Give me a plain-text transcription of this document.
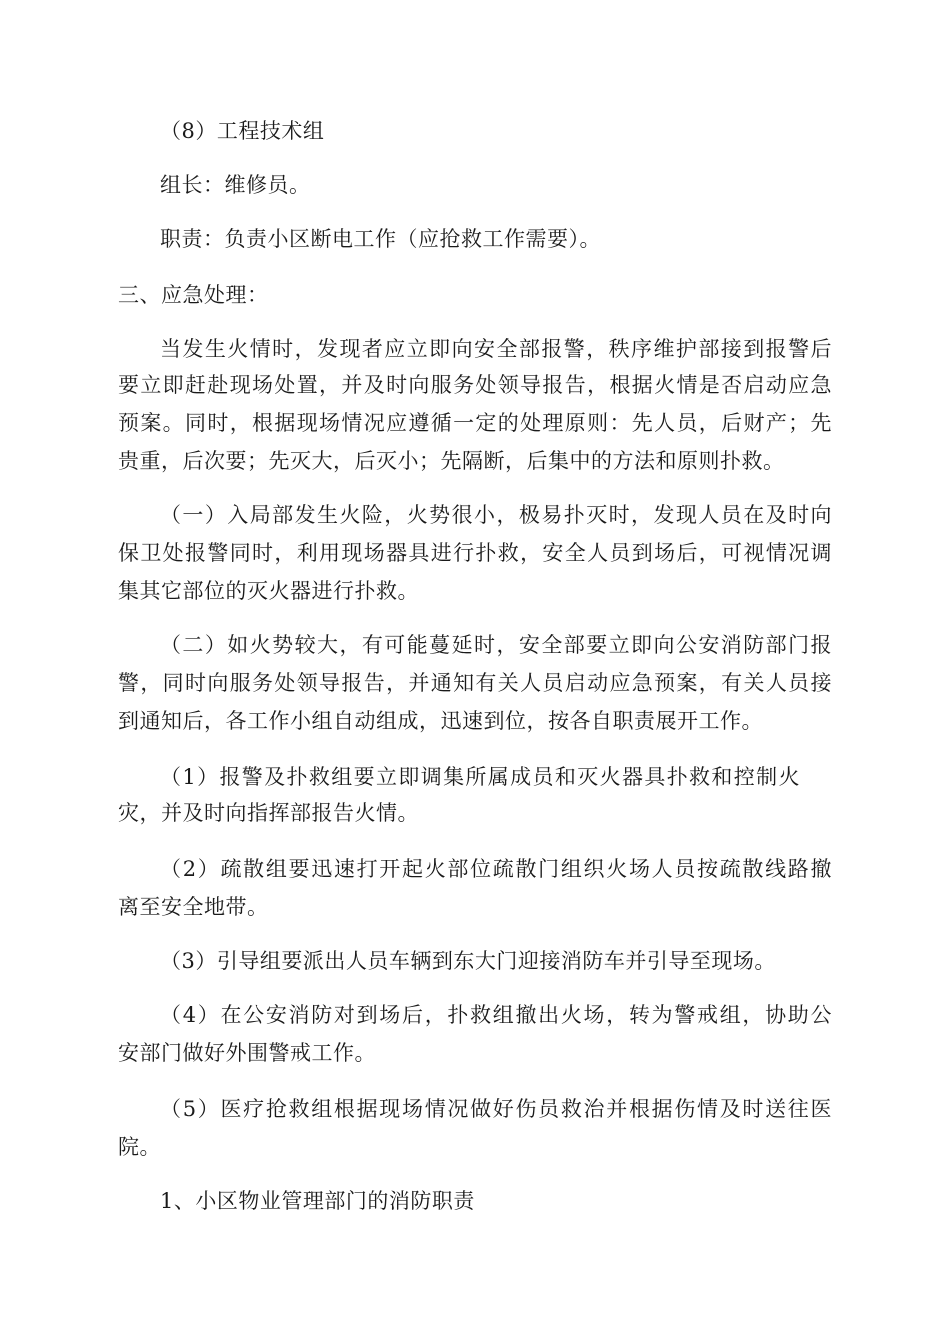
（8）工程技术组
组长：维修员。
职责：负责小区断电工作（应抢救工作需要）。
三、应急处理：
当发生火情时，发现者应立即向安全部报警，秩序维护部接到报警后
要立即赶赴现场处置，并及时向服务处领导报告，根据火情是否启动应急
预案。同时，根据现场情况应遵循一定的处理原则：先人员，后财产；先
贵重，后次要；先灭大，后灭小；先隔断，后集中的方法和原则扑救。
（一）入局部发生火险，火势很小，极易扑灭时，发现人员在及时向
保卫处报警同时，利用现场器具进行扑救，安全人员到场后，可视情况调
集其它部位的灭火器进行扑救。
（二）如火势较大，有可能蔓延时，安全部要立即向公安消防部门报
警，同时向服务处领导报告，并通知有关人员启动应急预案，有关人员接
到通知后，各工作小组自动组成，迅速到位，按各自职责展开工作。
（1）报警及扑救组要立即调集所属成员和灭火器具扑救和控制火
灾，并及时向指挥部报告火情。
（2）疏散组要迅速打开起火部位疏散门组织火场人员按疏散线路撤
离至安全地带。
（3）引导组要派出人员车辆到东大门迎接消防车并引导至现场。
（4）在公安消防对到场后，扑救组撤出火场，转为警戒组，协助公
安部门做好外围警戒工作。
（5）医疗抢救组根据现场情况做好伤员救治并根据伤情及时送往医
院。
1、小区物业管理部门的消防职责
